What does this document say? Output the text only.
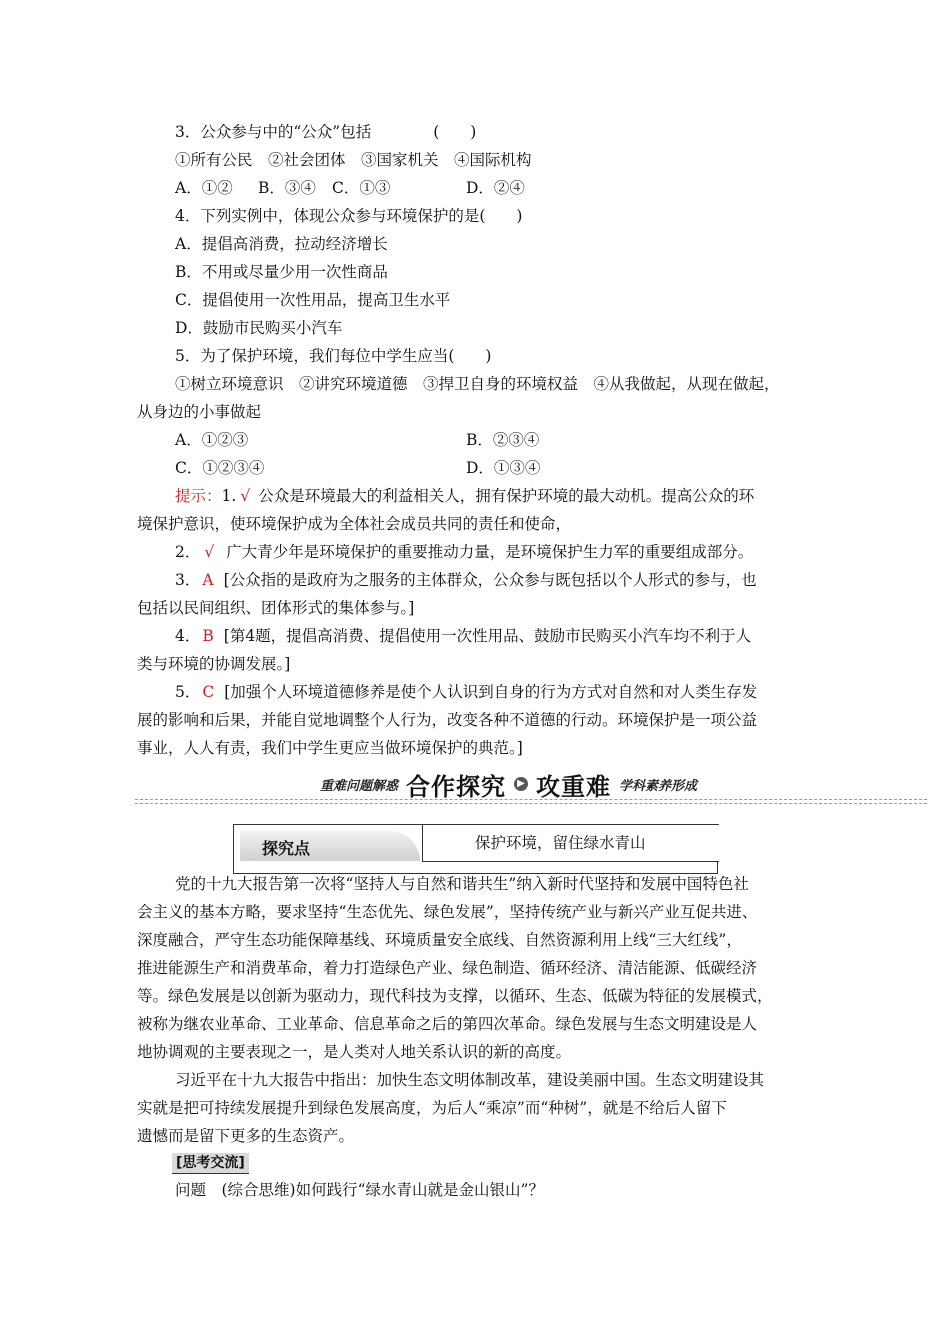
3．公众参与中的“公众”包括　　　　(　　)
①所有公民　②社会团体　③国家机关　④国际机构
A．①② B．③④ C．①③	D．②④
4．下列实例中，体现公众参与环境保护的是(　　)
A．提倡高消费，拉动经济增长
B．不用或尽量少用一次性商品
C．提倡使用一次性用品，提高卫生水平
D．鼓励市民购买小汽车
5．为了保护环境，我们每位中学生应当(　　)
①树立环境意识　②讲究环境道德　③捍卫自身的环境权益　④从我做起，从现在做起，
从身边的小事做起
A．①②③	B．②③④
C．①②③④	D．①③④
提示：1. √ 公众是环境最大的利益相关人，拥有保护环境的最大动机。提高公众的环
境保护意识，使环境保护成为全体社会成员共同的责任和使命，
2． √ 广大青少年是环境保护的重要推动力量，是环境保护生力军的重要组成部分。
3． A [公众指的是政府为之服务的主体群众，公众参与既包括以个人形式的参与，也
包括以民间组织、团体形式的集体参与。]
4． B [第4题，提倡高消费、提倡使用一次性用品、鼓励市民购买小汽车均不利于人
类与环境的协调发展。]
5． C [加强个人环境道德修养是使个人认识到自身的行为方式对自然和对人类生存发
展的影响和后果，并能自觉地调整个人行为，改变各种不道德的行动。环境保护是一项公益
事业，人人有责，我们中学生更应当做环境保护的典范。]
重难问题解惑 合作探究	▶ 攻重难 学科素养形成
探究点	保护环境，留住绿水青山
党的十九大报告第一次将“坚持人与自然和谐共生”纳入新时代坚持和发展中国特色社
会主义的基本方略，要求坚持“生态优先、绿色发展”，坚持传统产业与新兴产业互促共进、
深度融合，严守生态功能保障基线、环境质量安全底线、自然资源利用上线“三大红线”，
推进能源生产和消费革命，着力打造绿色产业、绿色制造、循环经济、清洁能源、低碳经济
等。绿色发展是以创新为驱动力，现代科技为支撑，以循环、生态、低碳为特征的发展模式，
被称为继农业革命、工业革命、信息革命之后的第四次革命。绿色发展与生态文明建设是人
地协调观的主要表现之一，是人类对人地关系认识的新的高度。
习近平在十九大报告中指出：加快生态文明体制改革，建设美丽中国。生态文明建设其
实就是把可持续发展提升到绿色发展高度，为后人“乘凉”而“种树”，就是不给后人留下
遗憾而是留下更多的生态资产。
[思考交流]
问题　(综合思维)如何践行“绿水青山就是金山银山”？
